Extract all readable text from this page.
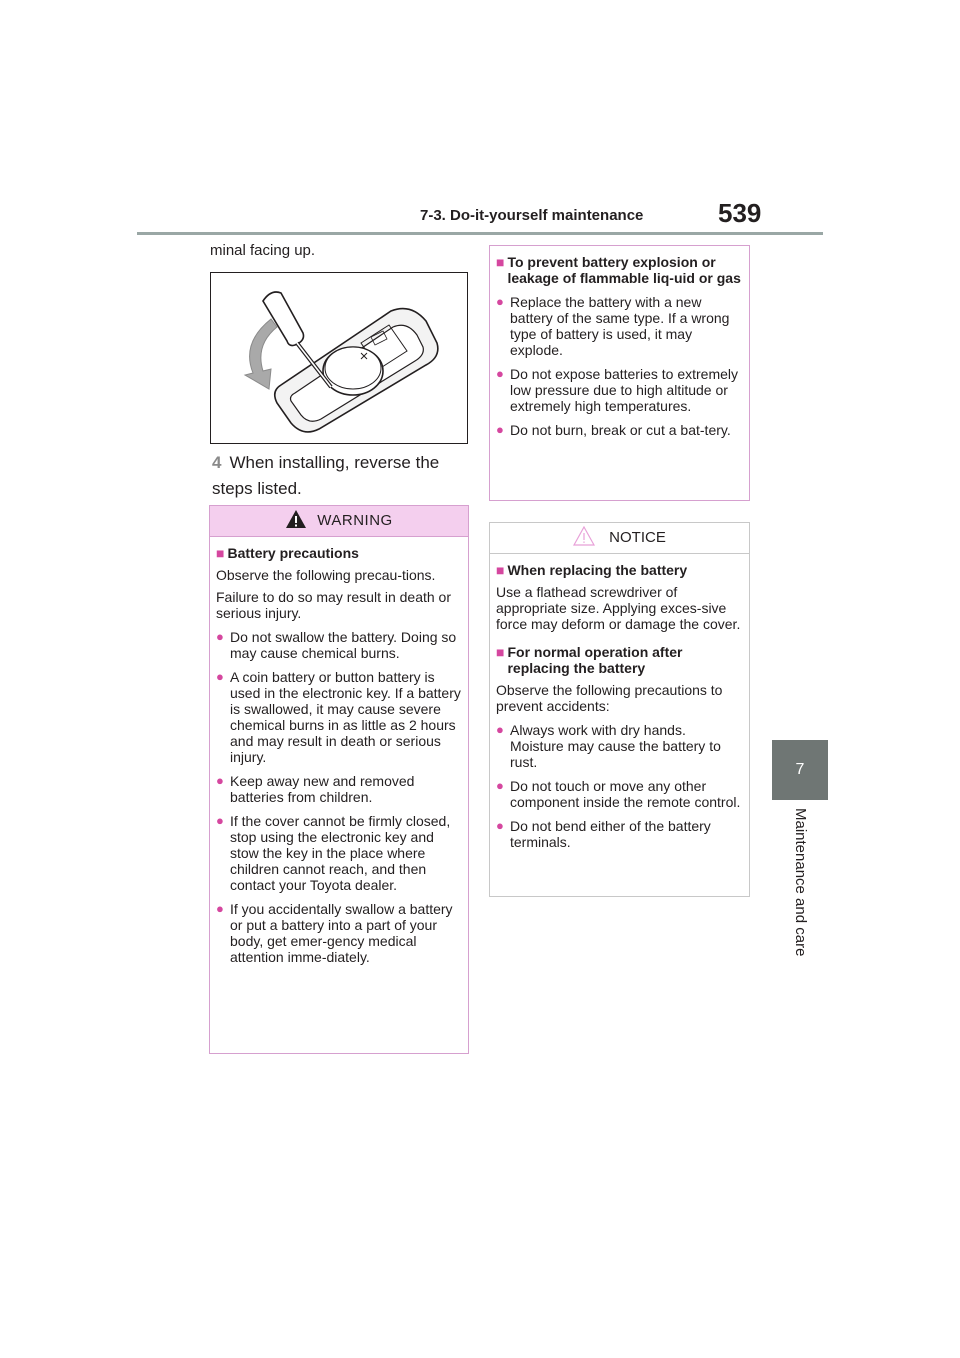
7-3. Do-it-yourself maintenance	539
7
Maintenance and care
minal facing up.
4 When installing, reverse the steps listed.
WARNING
■ Battery precautions
Observe the following precau-tions.
Failure to do so may result in death or serious injury.
● Do not swallow the battery. Doing so may cause chemical burns.
● A coin battery or button battery is used in the electronic key. If a battery is swallowed, it may cause severe chemical burns in as little as 2 hours and may result in death or serious injury.
● Keep away new and removed batteries from children.
● If the cover cannot be firmly closed, stop using the electronic key and stow the key in the place where children cannot reach, and then contact your Toyota dealer.
● If you accidentally swallow a battery or put a battery into a part of your body, get emer-gency medical attention imme-diately.
■ To prevent battery explosion or leakage of flammable liq-uid or gas
● Replace the battery with a new battery of the same type. If a wrong type of battery is used, it may explode.
● Do not expose batteries to extremely low pressure due to high altitude or extremely high temperatures.
● Do not burn, break or cut a bat-tery.
NOTICE
■ When replacing the battery
Use a flathead screwdriver of appropriate size. Applying exces-sive force may deform or damage the cover.
■ For normal operation after replacing the battery
Observe the following precautions to prevent accidents:
● Always work with dry hands. Moisture may cause the battery to rust.
● Do not touch or move any other component inside the remote control.
● Do not bend either of the battery terminals.
